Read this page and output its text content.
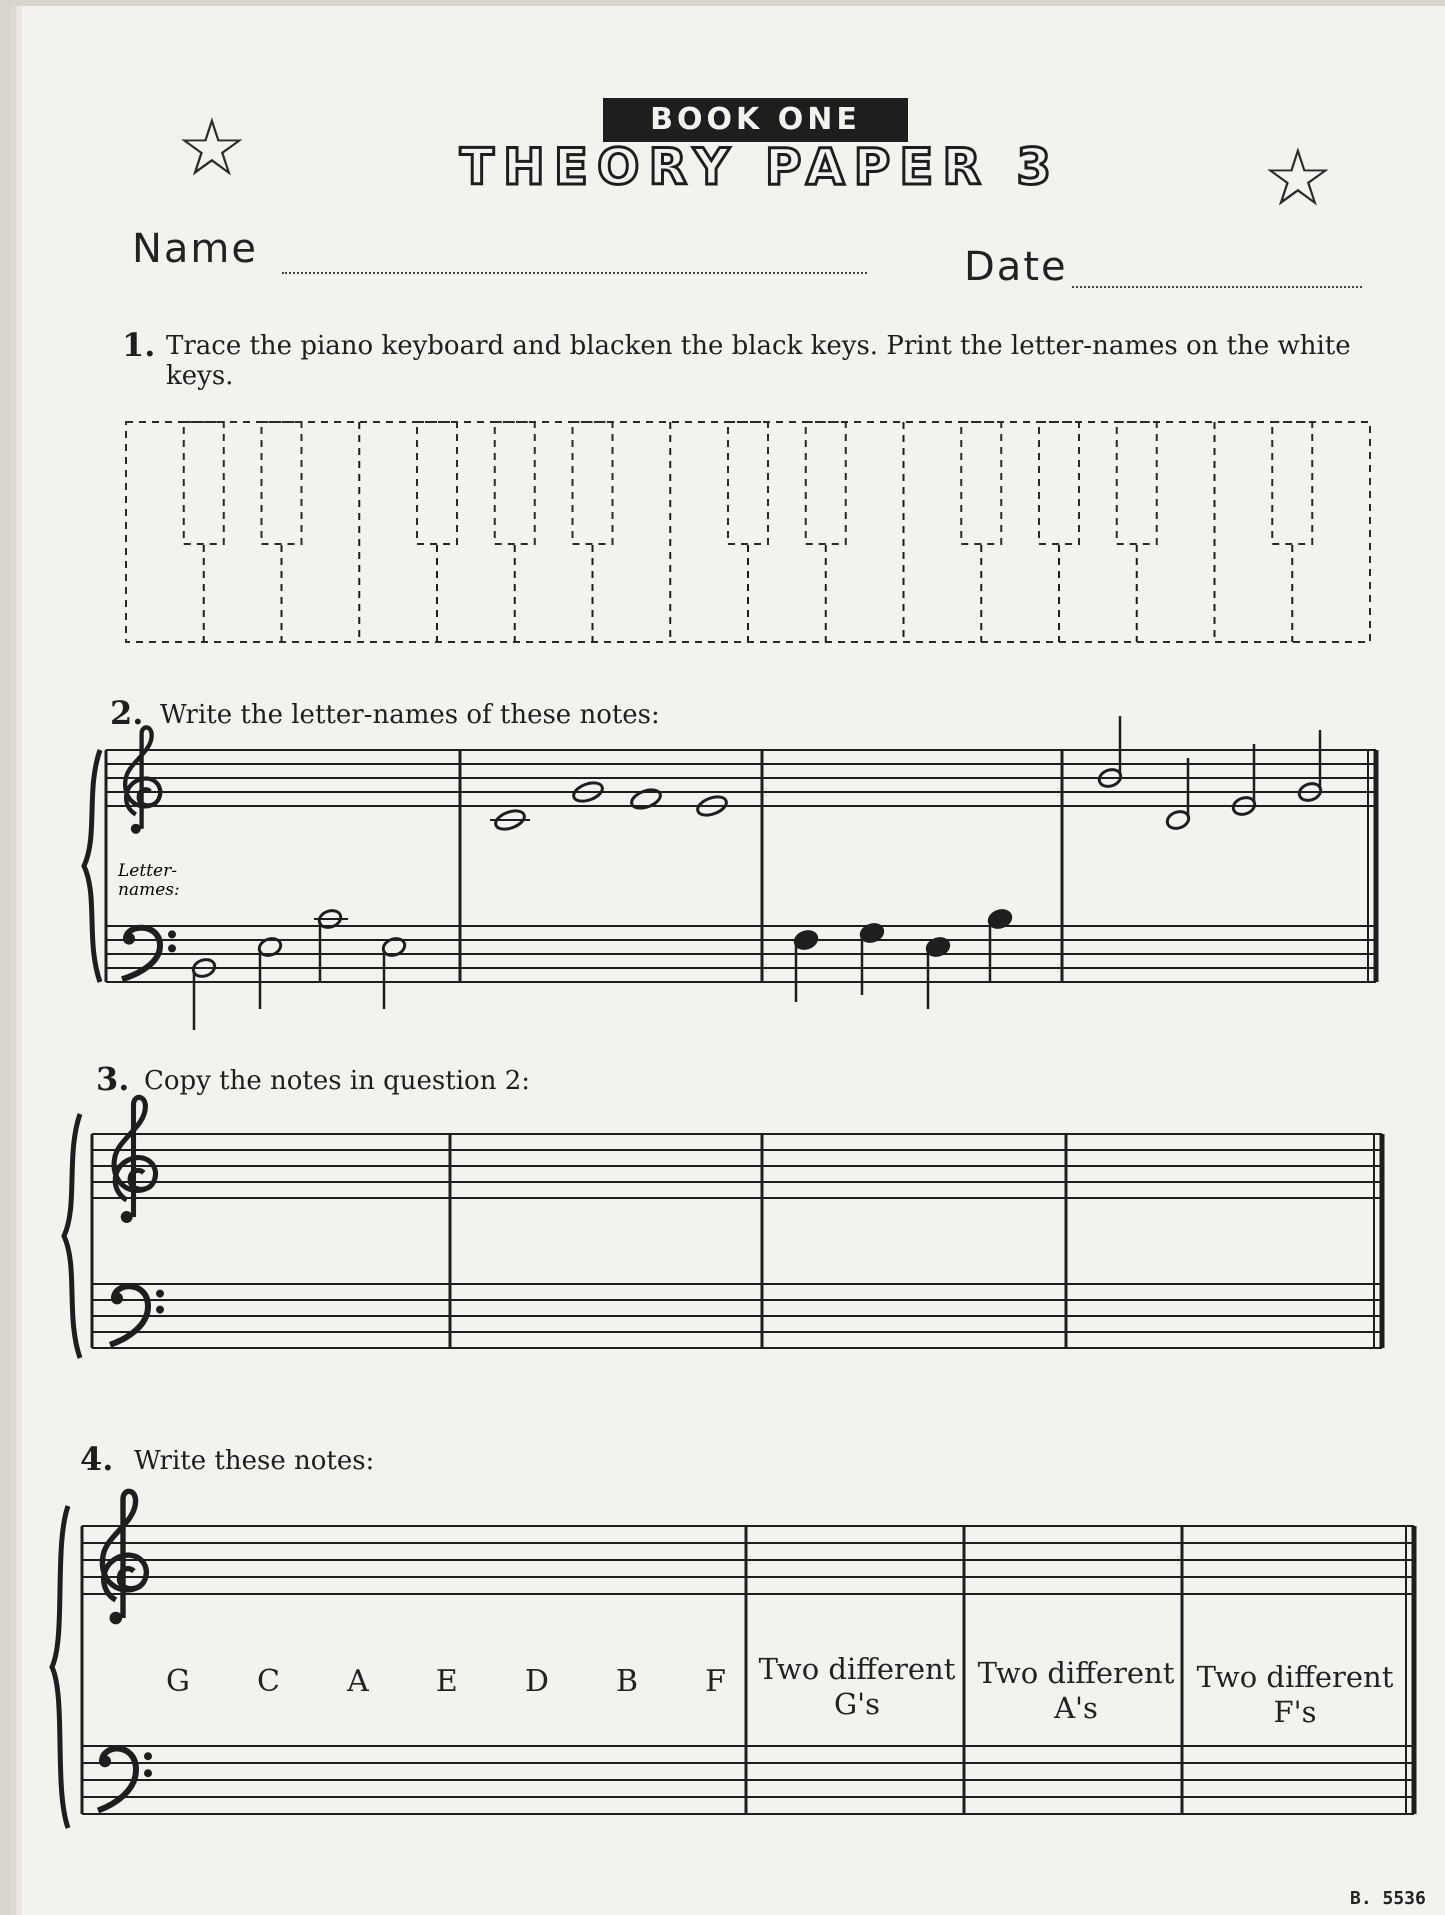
BOOK ONE
THEORY PAPER 3
☆	☆
Name	Date
1. Trace the piano keyboard and blacken the black keys. Print the letter-names on the white keys.
2. Write the letter-names of these notes:
Letter- names:
3. Copy the notes in question 2:
4. Write these notes:
G C A E D B F Two different G's
Two different A's
Two different F's
B. 5536
